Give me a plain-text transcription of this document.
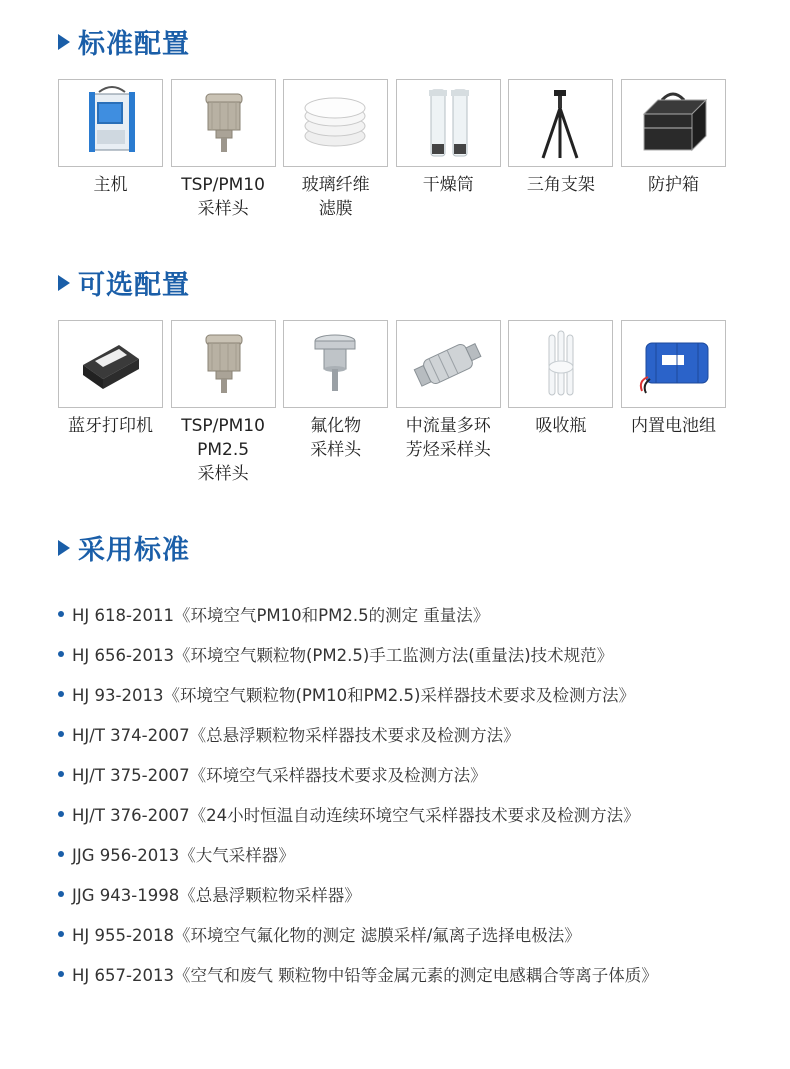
标准配置
主机	TSP/PM10
采样头
玻璃纤维
滤膜
干燥筒	三角支架	防护箱
可选配置
蓝牙打印机	TSP/PM10
PM2.5
采样头
氟化物
采样头
中流量多环
芳烃采样头
吸收瓶	内置电池组
采用标准
HJ 618-2011《环境空气PM10和PM2.5的测定 重量法》
HJ 656-2013《环境空气颗粒物(PM2.5)手工监测方法(重量法)技术规范》
HJ 93-2013《环境空气颗粒物(PM10和PM2.5)采样器技术要求及检测方法》
HJ/T 374-2007《总悬浮颗粒物采样器技术要求及检测方法》
HJ/T 375-2007《环境空气采样器技术要求及检测方法》
HJ/T 376-2007《24小时恒温自动连续环境空气采样器技术要求及检测方法》
JJG 956-2013《大气采样器》
JJG 943-1998《总悬浮颗粒物采样器》
HJ 955-2018《环境空气氟化物的测定 滤膜采样/氟离子选择电极法》
HJ 657-2013《空气和废气 颗粒物中铅等金属元素的测定电感耦合等离子体质》
